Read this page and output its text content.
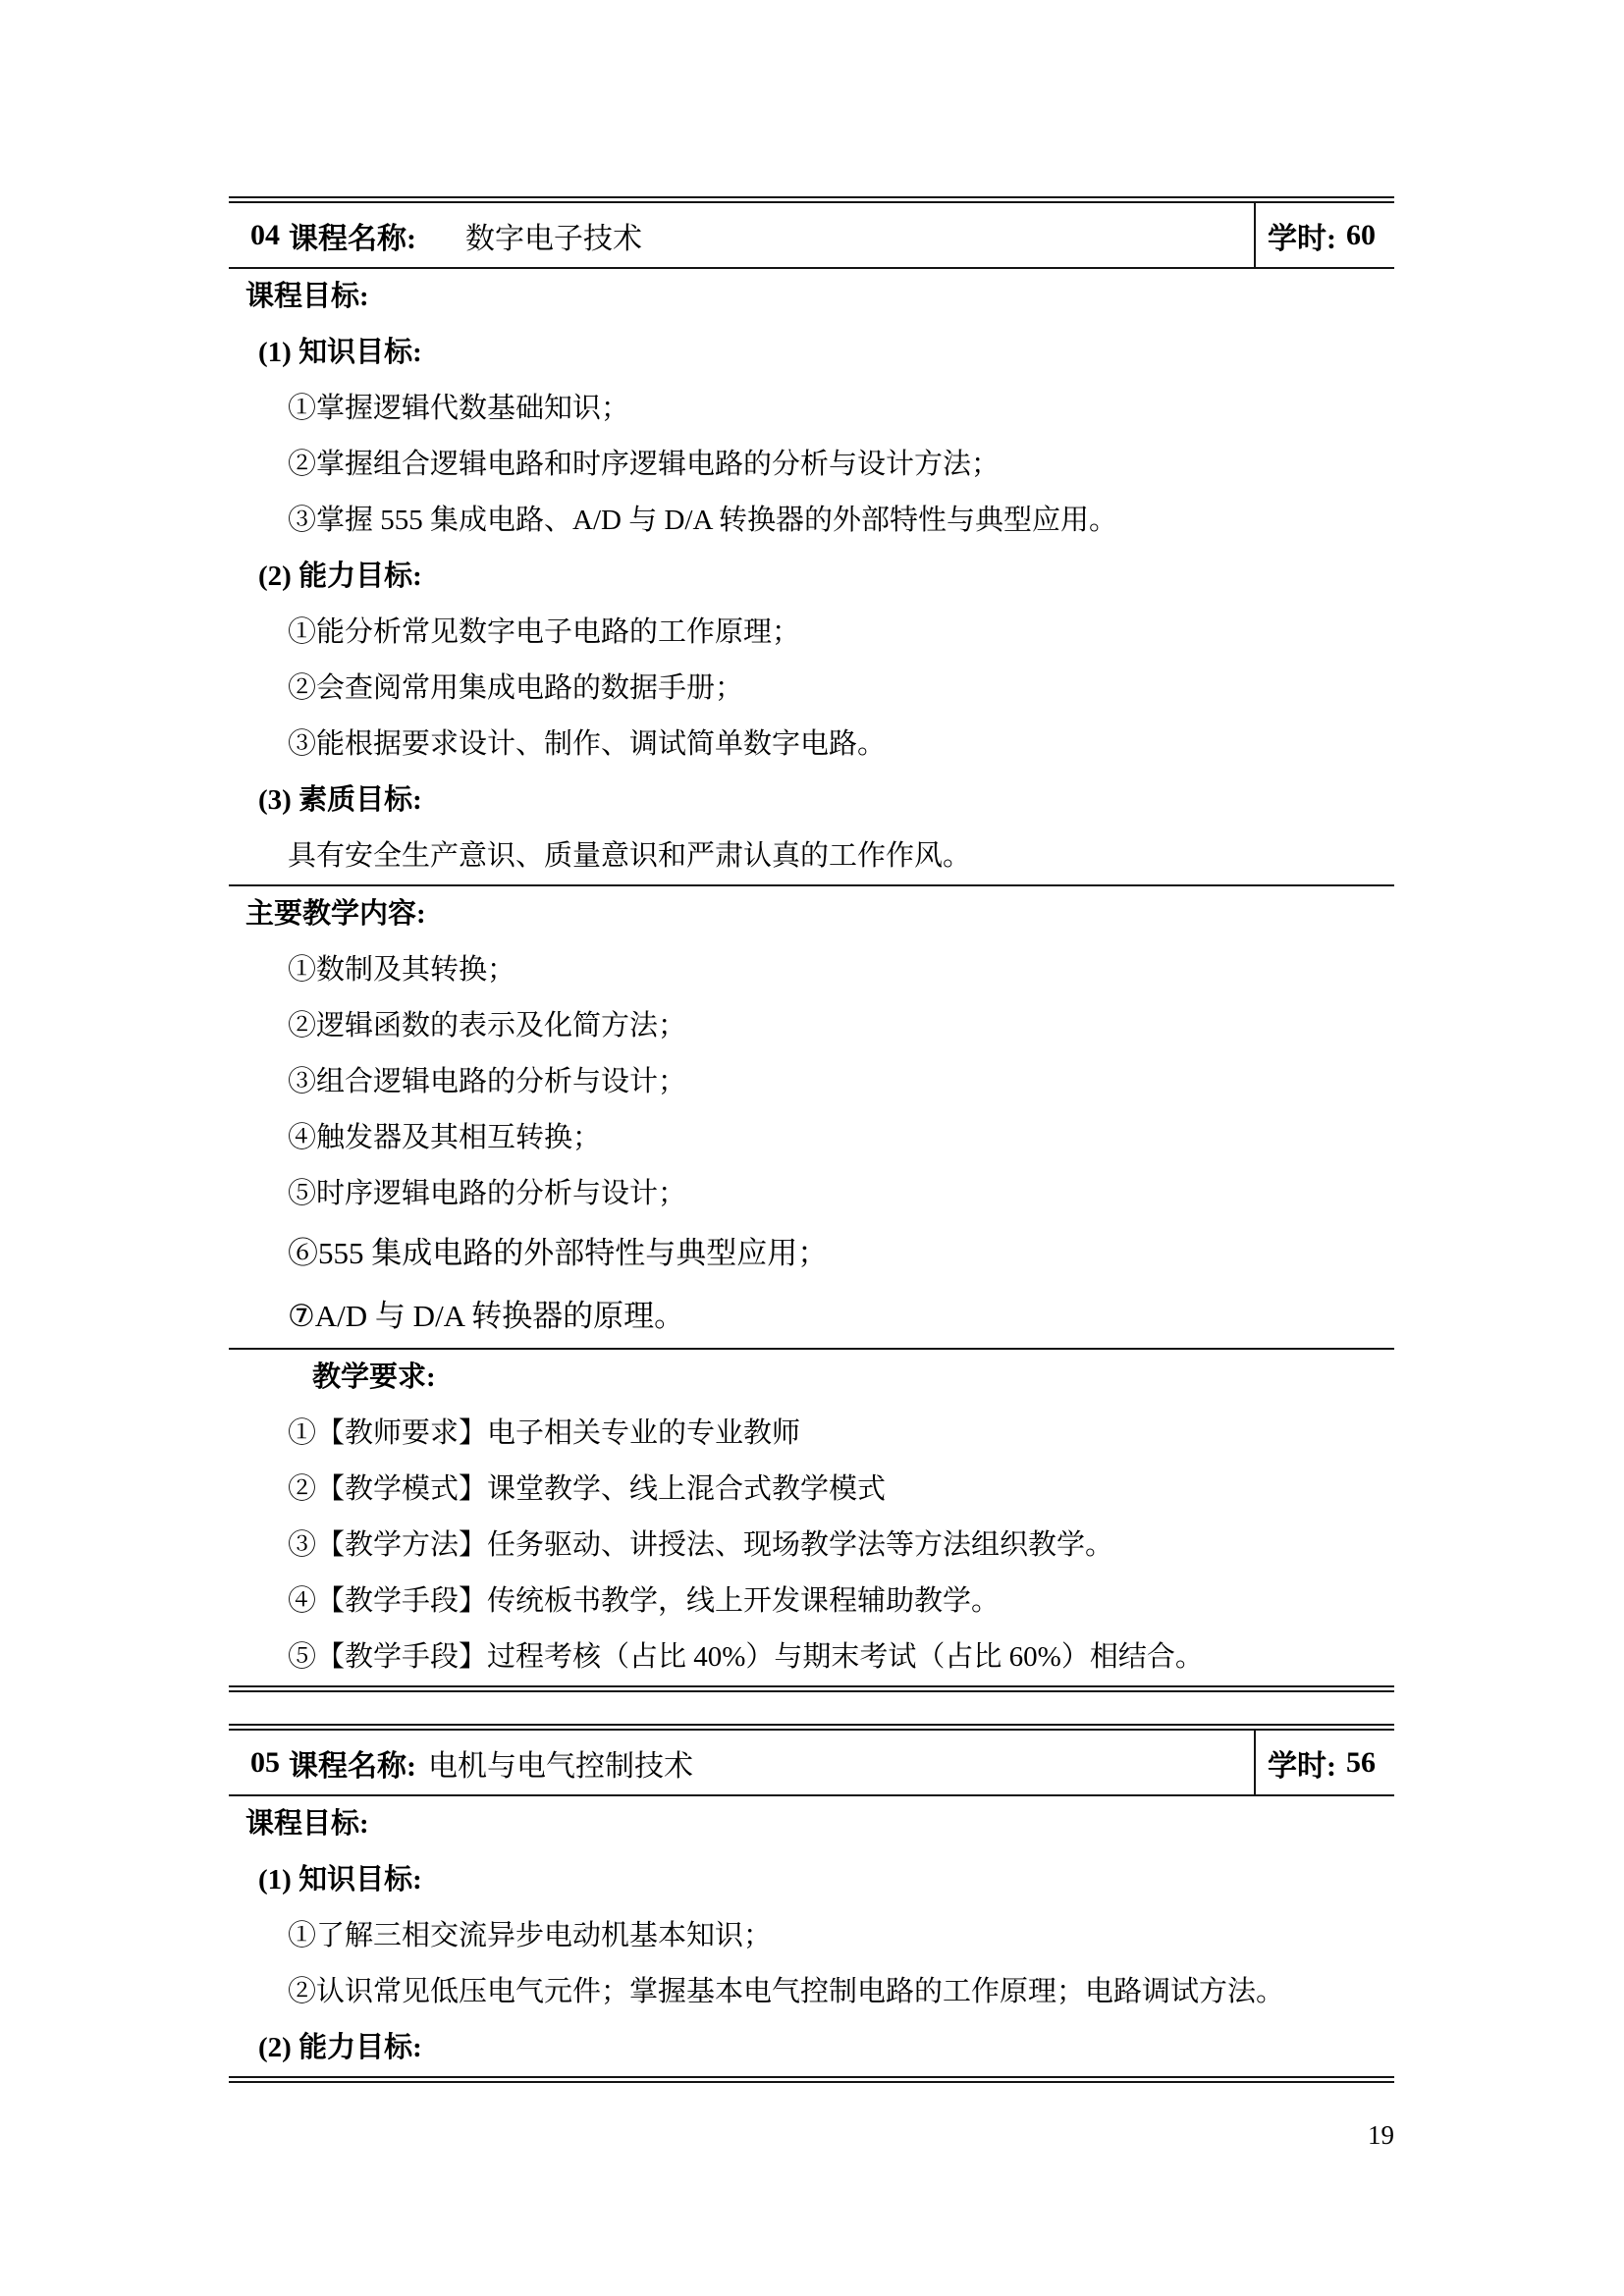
04 课程名称: 数字电子技术	学时: 60
课程目标:
(1) 知识目标:
①掌握逻辑代数基础知识；
②掌握组合逻辑电路和时序逻辑电路的分析与设计方法；
③掌握 555 集成电路、A/D 与 D/A 转换器的外部特性与典型应用。
(2) 能力目标:
①能分析常见数字电子电路的工作原理；
②会查阅常用集成电路的数据手册；
③能根据要求设计、制作、调试简单数字电路。
(3) 素质目标:
具有安全生产意识、质量意识和严肃认真的工作作风。
主要教学内容:
①数制及其转换；
②逻辑函数的表示及化简方法；
③组合逻辑电路的分析与设计；
④触发器及其相互转换；
⑤时序逻辑电路的分析与设计；
⑥555 集成电路的外部特性与典型应用；
⑦A/D 与 D/A 转换器的原理。
教学要求:
①【教师要求】电子相关专业的专业教师
②【教学模式】课堂教学、线上混合式教学模式
③【教学方法】任务驱动、讲授法、现场教学法等方法组织教学。
④【教学手段】传统板书教学，线上开发课程辅助教学。
⑤【教学手段】过程考核（占比 40%）与期末考试（占比 60%）相结合。
05 课程名称: 电机与电气控制技术	学时: 56
课程目标:
(1) 知识目标:
①了解三相交流异步电动机基本知识；
②认识常见低压电气元件；掌握基本电气控制电路的工作原理；电路调试方法。
(2) 能力目标:
19
